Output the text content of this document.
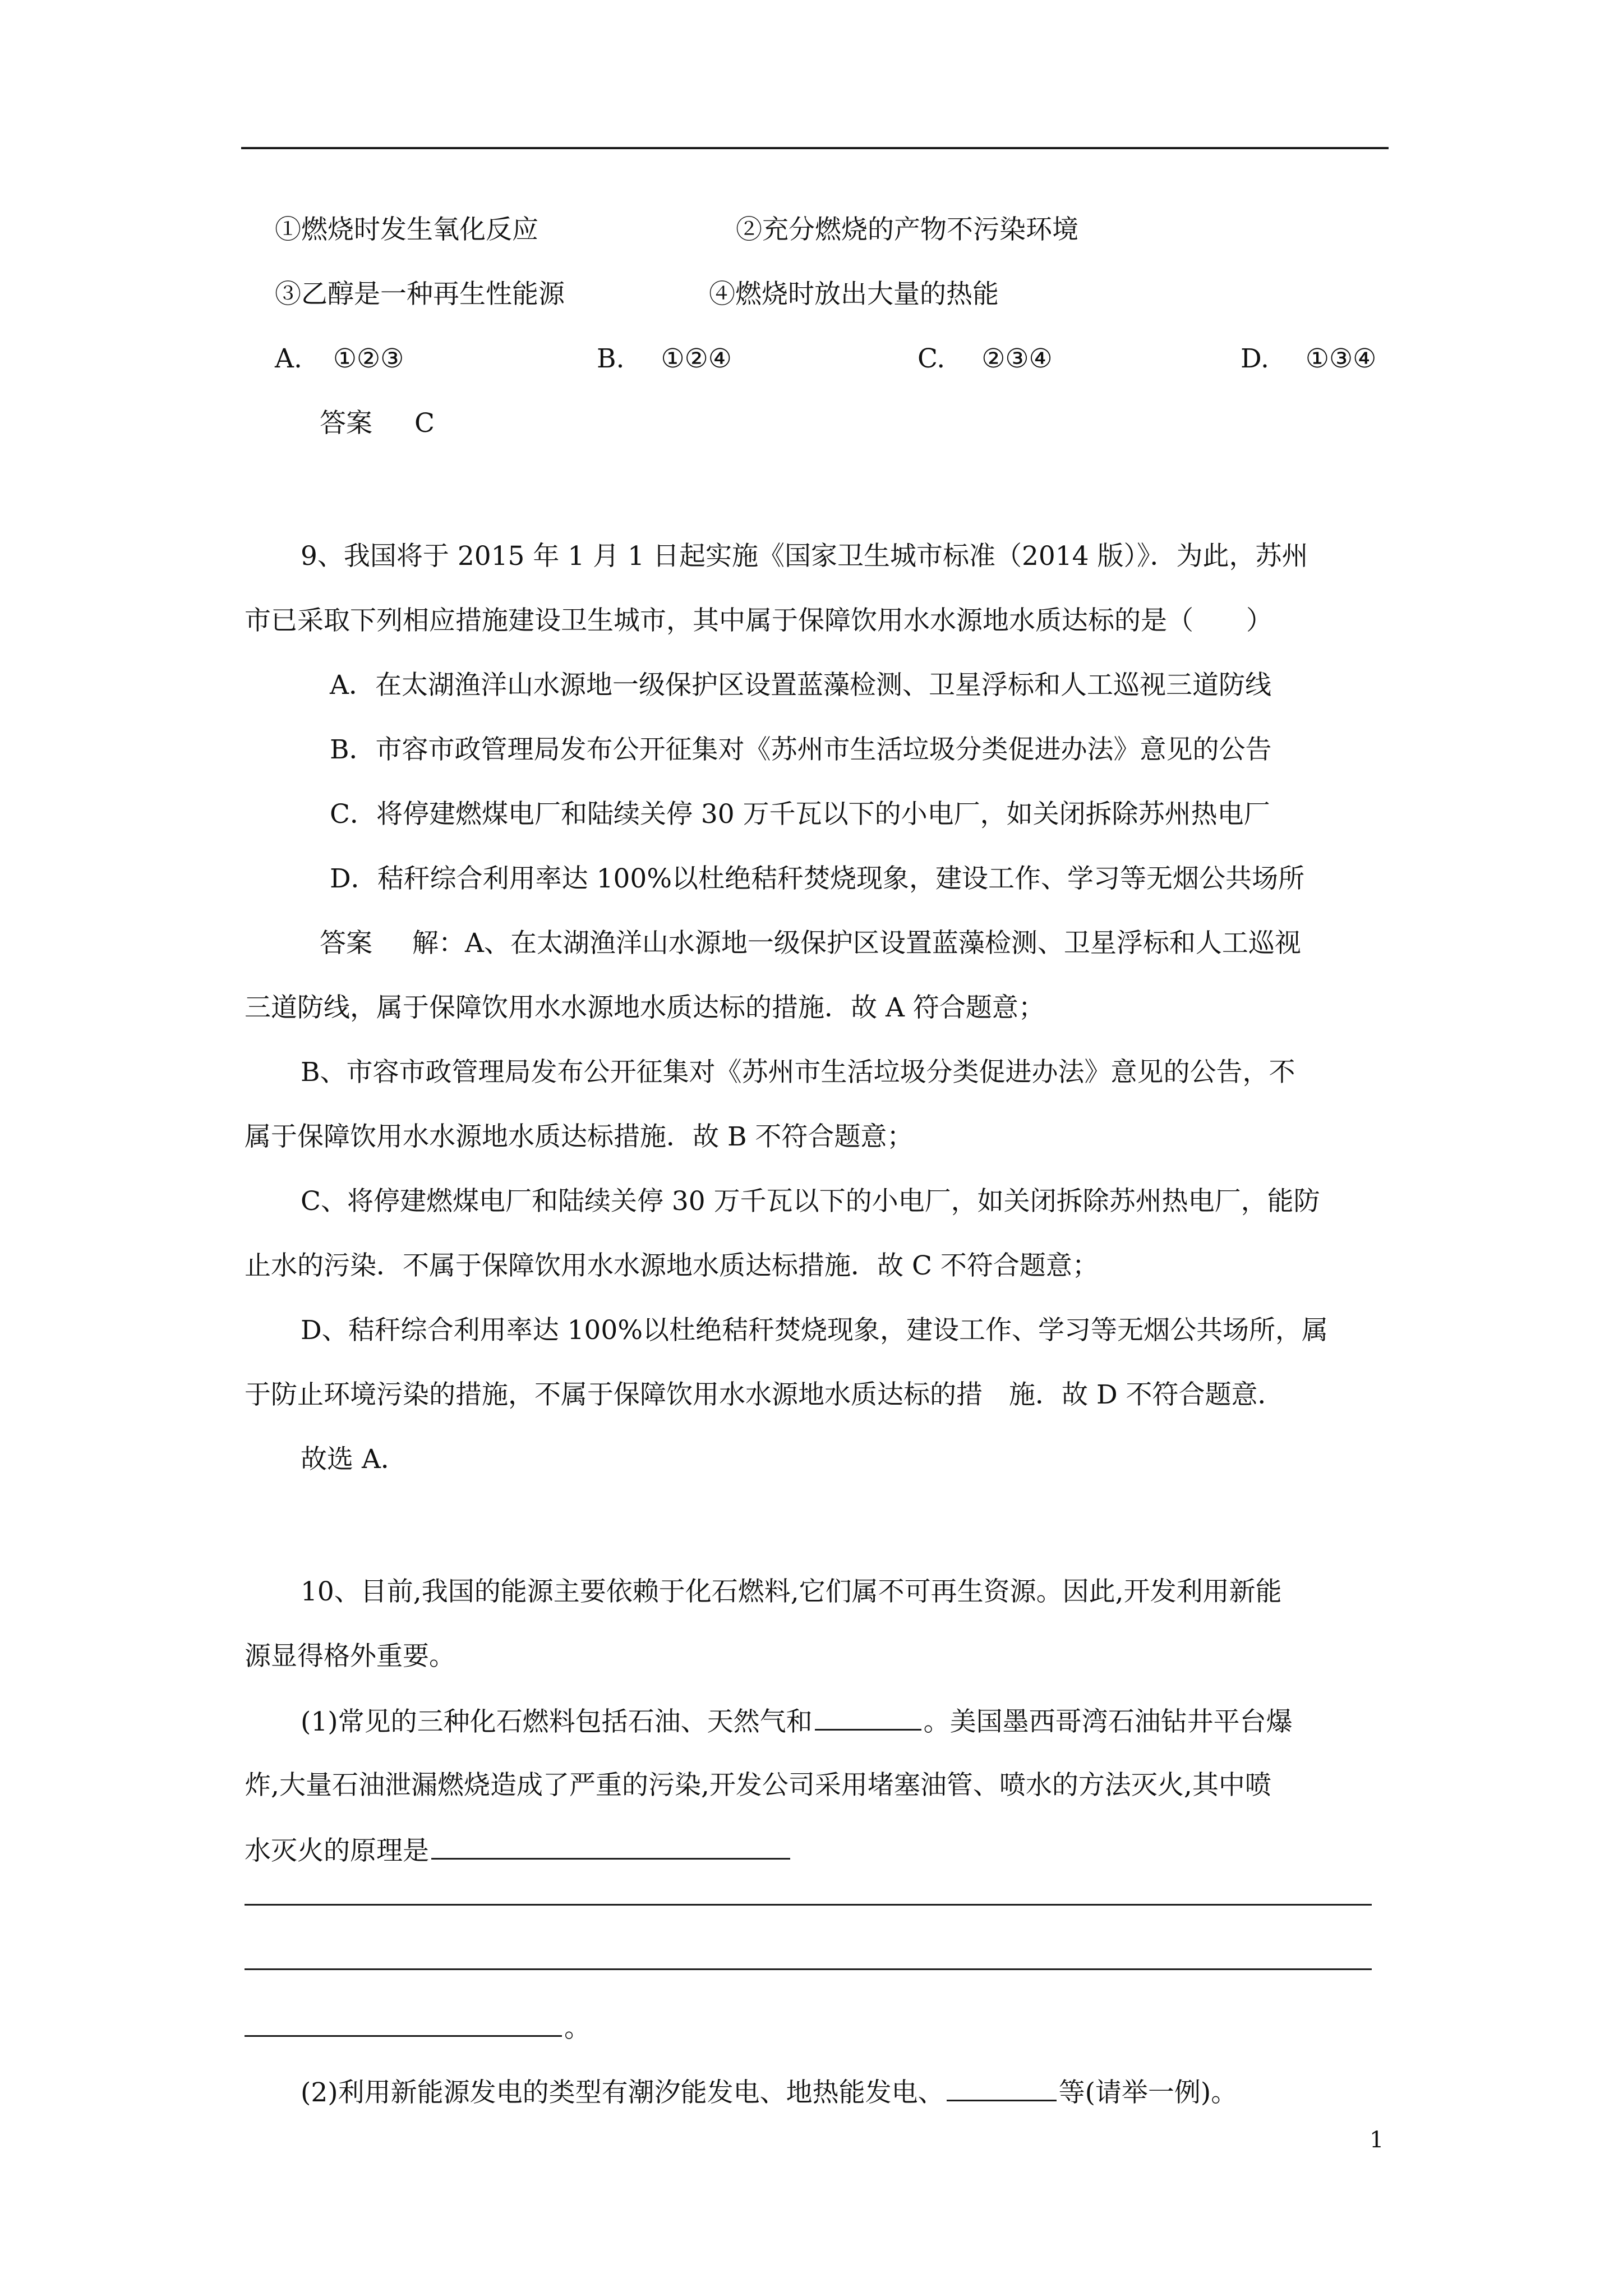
①燃烧时发生氧化反应	②充分燃烧的产物不污染环境
③乙醇是一种再生性能源	④燃烧时放出大量的热能
A. ①②③	B. ①②④	C. ②③④	D. ①③④
答案 C
9、我国将于 2015 年 1 月 1 日起实施《国家卫生城市标准（2014 版）》．为此，苏州
市已采取下列相应措施建设卫生城市，其中属于保障饮用水水源地水质达标的是（　　）
A．在太湖渔洋山水源地一级保护区设置蓝藻检测、卫星浮标和人工巡视三道防线
B．市容市政管理局发布公开征集对《苏州市生活垃圾分类促进办法》意见的公告
C．将停建燃煤电厂和陆续关停 30 万千瓦以下的小电厂，如关闭拆除苏州热电厂
D．秸秆综合利用率达 100%以杜绝秸秆焚烧现象，建设工作、学习等无烟公共场所
答案 解：A、在太湖渔洋山水源地一级保护区设置蓝藻检测、卫星浮标和人工巡视
三道防线，属于保障饮用水水源地水质达标的措施．故 A 符合题意；
B、市容市政管理局发布公开征集对《苏州市生活垃圾分类促进办法》意见的公告，不
属于保障饮用水水源地水质达标措施．故 B 不符合题意；
C、将停建燃煤电厂和陆续关停 30 万千瓦以下的小电厂，如关闭拆除苏州热电厂，能防
止水的污染．不属于保障饮用水水源地水质达标措施．故 C 不符合题意；
D、秸秆综合利用率达 100%以杜绝秸秆焚烧现象，建设工作、学习等无烟公共场所，属
于防止环境污染的措施，不属于保障饮用水水源地水质达标的措　施．故 D 不符合题意．
故选 A．
10、目前,我国的能源主要依赖于化石燃料,它们属不可再生资源。因此,开发利用新能
源显得格外重要。
(1)常见的三种化石燃料包括石油、天然气和	。美国墨西哥湾石油钻井平台爆
炸,大量石油泄漏燃烧造成了严重的污染,开发公司采用堵塞油管、喷水的方法灭火,其中喷
水灭火的原理是
。
(2)利用新能源发电的类型有潮汐能发电、地热能发电、	等(请举一例)。
1
